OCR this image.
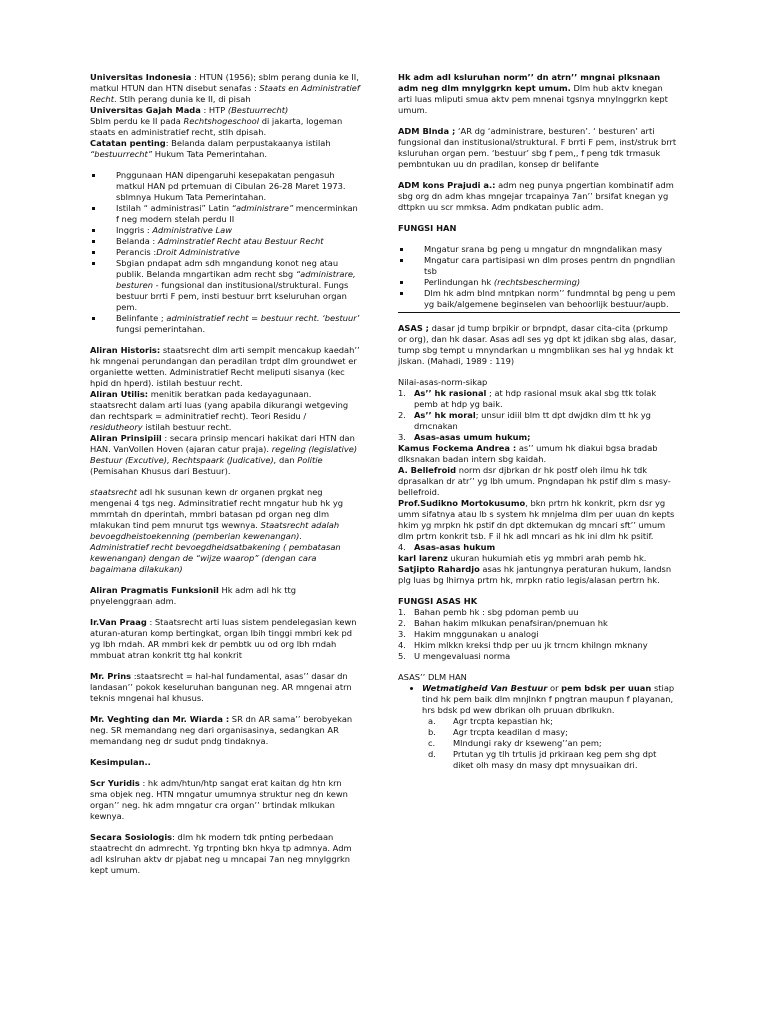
Universitas Indonesia : HTUN (1956); sblm perang dunia ke II, matkul HTUN dan HTN disebut senafas : Staats en Administratief Recht. Stlh perang dunia ke II, di pisah
Universitas Gajah Mada : HTP (Bestuurrecht)
Sblm perdu ke II pada Rechtshogeschool di jakarta, logeman staats en administratief recht, stlh dpisah.
Catatan penting: Belanda dalam perpustakaanya istilah “bestuurrecht” Hukum Tata Pemerintahan.

Pnggunaan HAN dipengaruhi kesepakatan pengasuh matkul HAN pd prtemuan di Cibulan 26-28 Maret 1973. sblmnya Hukum Tata Pemerintahan.
Istilah “ administrasi” Latin “administrare” mencerminkan f neg modern stelah perdu II
Inggris : Administrative Law
Belanda : Adminstratief Recht atau Bestuur Recht
Perancis :Droit Administrative
Sbgian pndapat adm sdh mngandung konot neg atau publik. Belanda mngartikan adm recht sbg “administrare, besturen - fungsional dan institusional/struktural. Fungs bestuur brrti F pem, insti bestuur brrt kseluruhan organ pem.
Belinfante ; administratief recht = bestuur recht. ‘bestuur’ fungsi pemerintahan.

Aliran Historis: staatsrecht dlm arti sempit mencakup kaedah’’ hk mngenai perundangan dan peradilan trdpt dlm groundwet er organiette wetten. Administratief Recht meliputi sisanya (kec hpid dn hperd). istilah bestuur recht.
Aliran Utilis: menitik beratkan pada kedayagunaan. staatsrecht dalam arti luas (yang apabila dikurangi wetgeving dan rechtspark = adminitratief recht). Teori Residu / residutheory istilah bestuur recht.
Aliran Prinsipiil : secara prinsip mencari hakikat dari HTN dan HAN. VanVollen Hoven (ajaran catur praja). regeling (legislative) Bestuur (Excutive), Rechtspaark (Judicative), dan Politie (Pemisahan Khusus dari Bestuur).

staatsrecht adl hk susunan kewn dr organen prgkat neg mengenai 4 tgs neg. Adminsitratief recht mngatur hub hk yg mmrntah dn dperintah, mmbri batasan pd organ neg dlm mlakukan tind pem mnurut tgs wewnya. Staatsrecht adalah bevoegdheistoekenning (pemberian kewenangan). Administratief recht bevoegdheidsatbakening ( pembatasan kewenangan) dengan de “wijze waarop” (dengan cara bagaimana dilakukan)

Aliran Pragmatis Funksionil Hk adm adl hk ttg pnyelenggraan adm.

Ir.Van Praag : Staatsrecht arti luas sistem pendelegasian kewn aturan-aturan komp bertingkat, organ lbih tinggi mmbri kek pd yg lbh rndah. AR mmbri kek dr pembtk uu od org lbh rndah mmbuat atran konkrit ttg hal konkrit

Mr. Prins :staatsrecht = hal-hal fundamental, asas’’ dasar dn landasan’’ pokok keseluruhan bangunan neg. AR mngenai atrn teknis mngenai hal khusus.

Mr. Veghting dan Mr. Wiarda : SR dn AR sama’’ berobyekan neg. SR memandang neg dari organisasinya, sedangkan AR memandang neg dr sudut pndg tindaknya.

Kesimpulan..

Scr Yuridis : hk adm/htun/htp sangat erat kaitan dg htn krn sma objek neg. HTN mngatur umumnya struktur neg dn kewn organ’’ neg. hk adm mngatur cra organ’’ brtindak mlkukan kewnya.

Secara Sosiologis: dlm hk modern tdk pnting perbedaan staatrecht dn admrecht. Yg trpnting bkn hkya tp admnya. Adm adl kslruhan aktv dr pjabat neg u mncapai 7an neg mnylggrkn kept umum.

Hk adm adl ksluruhan norm’’ dn atrn’’ mngnai plksnaan adm neg dlm mnylggrkn kept umum. Dlm hub aktv knegan arti luas mliputi smua aktv pem mnenai tgsnya mnylnggrkn kept umum.

ADM Blnda ; ‘AR dg ‘administrare, besturen’. ‘ besturen’ arti fungsional dan institusional/struktural. F brrti F pem, inst/struk brrt ksluruhan organ pem. ‘bestuur’ sbg f pem,, f peng tdk trmasuk pembntukan uu dn pradilan, konsep dr belifante

ADM kons Prajudi a.: adm neg punya pngertian kombinatif adm sbg org dn adm khas mngejar trcapainya 7an’’ brsifat knegan yg dttpkn uu scr mmksa. Adm pndkatan public adm.

FUNGSI HAN

Mngatur srana bg peng u mngatur dn mngndalikan masy
Mngatur cara partisipasi wn dlm proses pentrn dn pngndlian tsb
Perlindungan hk (rechtsbescherming)
Dlm hk adm blnd mntpkan norm’’ fundmntal bg peng u pem yg baik/algemene beginselen van behoorlijk bestuur/aupb.

ASAS ; dasar jd tump brpikir or brpndpt, dasar cita-cita (prkump or org), dan hk dasar. Asas adl ses yg dpt kt jdikan sbg alas, dasar, tump sbg tempt u mnyndarkan u mngmblikan ses hal yg hndak kt jlskan. (Mahadi, 1989 : 119)

Nilai-asas-norm-sikap

1. As’’ hk rasional ; at hdp rasional msuk akal sbg ttk tolak pemb at hdp yg baik.
2. As’’ hk moral; unsur idiil blm tt dpt dwjdkn dlm tt hk yg drncnakan
3. Asas-asas umum hukum;

Kamus Fockema Andrea : as’’ umum hk diakui bgsa bradab dlksnakan badan intern sbg kaidah.

A. Bellefroid norm dsr djbrkan dr hk postf oleh ilmu hk tdk dprasalkan dr atr’’ yg lbh umum. Pngndapan hk pstif dlm s masy- bellefroid.

Prof.Sudikno Mortokusumo, bkn prtrn hk konkrit, pkrn dsr yg umm sifatnya atau lb s system hk mnjelma dlm per uuan dn kepts hkim yg mrpkn hk pstif dn dpt dktemukan dg mncari sft’’ umum dlm prtrn konkrit tsb. F il hk adl mncari as hk ini dlm hk psitif.

4. Asas-asas hukum

karl larenz ukuran hukumiah etis yg mmbri arah pemb hk.

Satjipto Rahardjo asas hk jantungnya peraturan hukum, landsn plg luas bg lhirnya prtrn hk, mrpkn ratio legis/alasan pertrn hk.

FUNGSI ASAS HK

1. Bahan pemb hk : sbg pdoman pemb uu
2. Bahan hakim mlkukan penafsiran/pnemuan hk
3. Hakim mnggunakan u analogi
4. Hkim mlkkn kreksi thdp per uu jk trncm khilngn mknany
5. U mengevaluasi norma

ASAS’’ DLM HAN

Wetmatigheid Van Bestuur or pem bdsk per uuan stiap tind hk pem baik dlm mnjlnkn f pngtran maupun f playanan, hrs bdsk pd wew dbrikan olh pruuan dbrlkukn.
a. Agr trcpta kepastian hk;
b. Agr trcpta keadilan d masy;
c. Mlndungi raky dr kseweng’’an pem;
d. Prtutan yg tlh trtulis jd prkiraan keg pem shg dpt diket olh masy dn masy dpt mnysuaikan dri.
